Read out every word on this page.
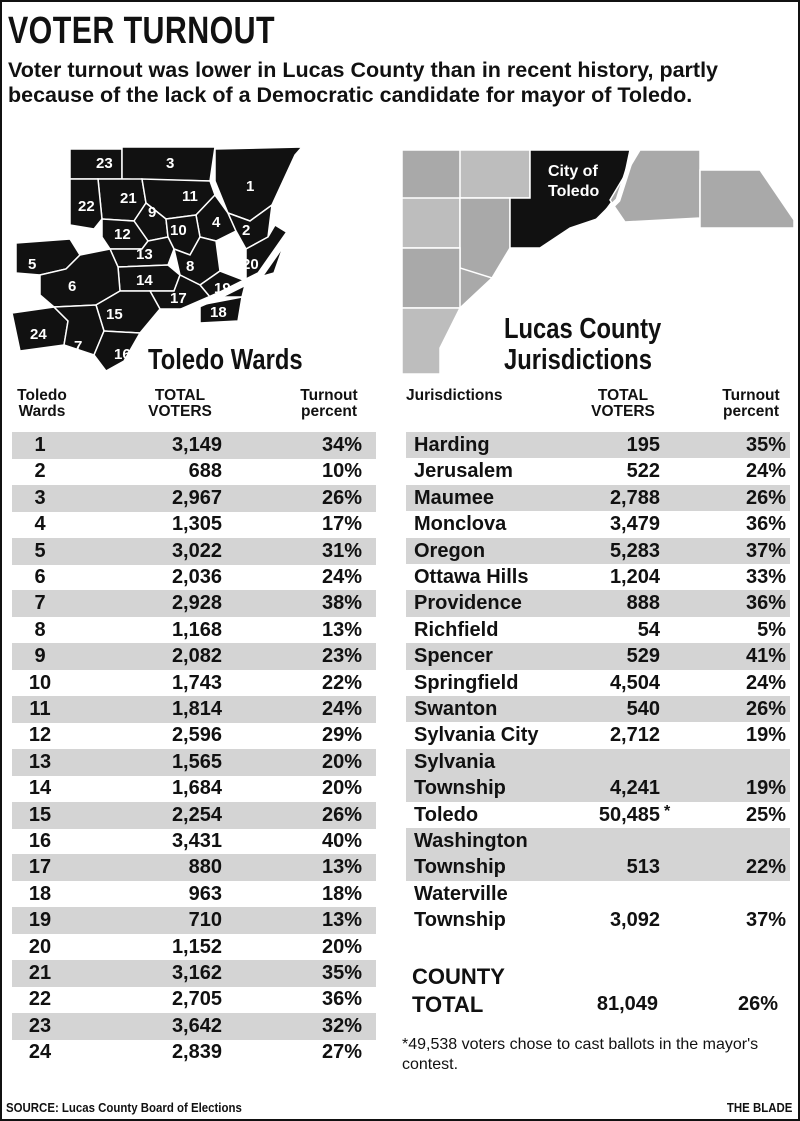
VOTER TURNOUT
Voter turnout was lower in Lucas County than in recent history, partly because of the lack of a Democratic candidate for mayor of Toledo.
23	3
1
21	11
22	9
4
12	10	2
13
8	20
5
14
6	19
17
15	18
24
7 16 Toledo Wards
City of
Toledo
Lucas County
Jurisdictions
Toledo
Wards
TOTAL
VOTERS
Turnout
percent
1	3,149	34%
2	688	10%
3	2,967	26%
4	1,305	17%
5	3,022	31%
6	2,036	24%
7	2,928	38%
8	1,168	13%
9	2,082	23%
10	1,743	22%
11	1,814	24%
12	2,596	29%
13	1,565	20%
14	1,684	20%
15	2,254	26%
16	3,431	40%
17	880	13%
18	963	18%
19	710	13%
20	1,152	20%
21	3,162	35%
22	2,705	36%
23	3,642	32%
24	2,839	27%
Jurisdictions	TOTAL
VOTERS
Turnout
percent
Harding	195	35%
Jerusalem	522	24%
Maumee	2,788	26%
Monclova	3,479	36%
Oregon	5,283	37%
Ottawa Hills	1,204	33%
Providence	888	36%
Richfield	54	5%
Spencer	529	41%
Springfield	4,504	24%
Swanton	540	26%
Sylvania City	2,712	19%
Sylvania
Township	4,241	19%
Toledo	50,485 *	25%
Washington
Township	513	22%
Waterville
Township	3,092	37%
COUNTY
TOTAL	81,049	26%
*49,538 voters chose to cast ballots in the mayor's contest.
SOURCE: Lucas County Board of Elections	THE BLADE
